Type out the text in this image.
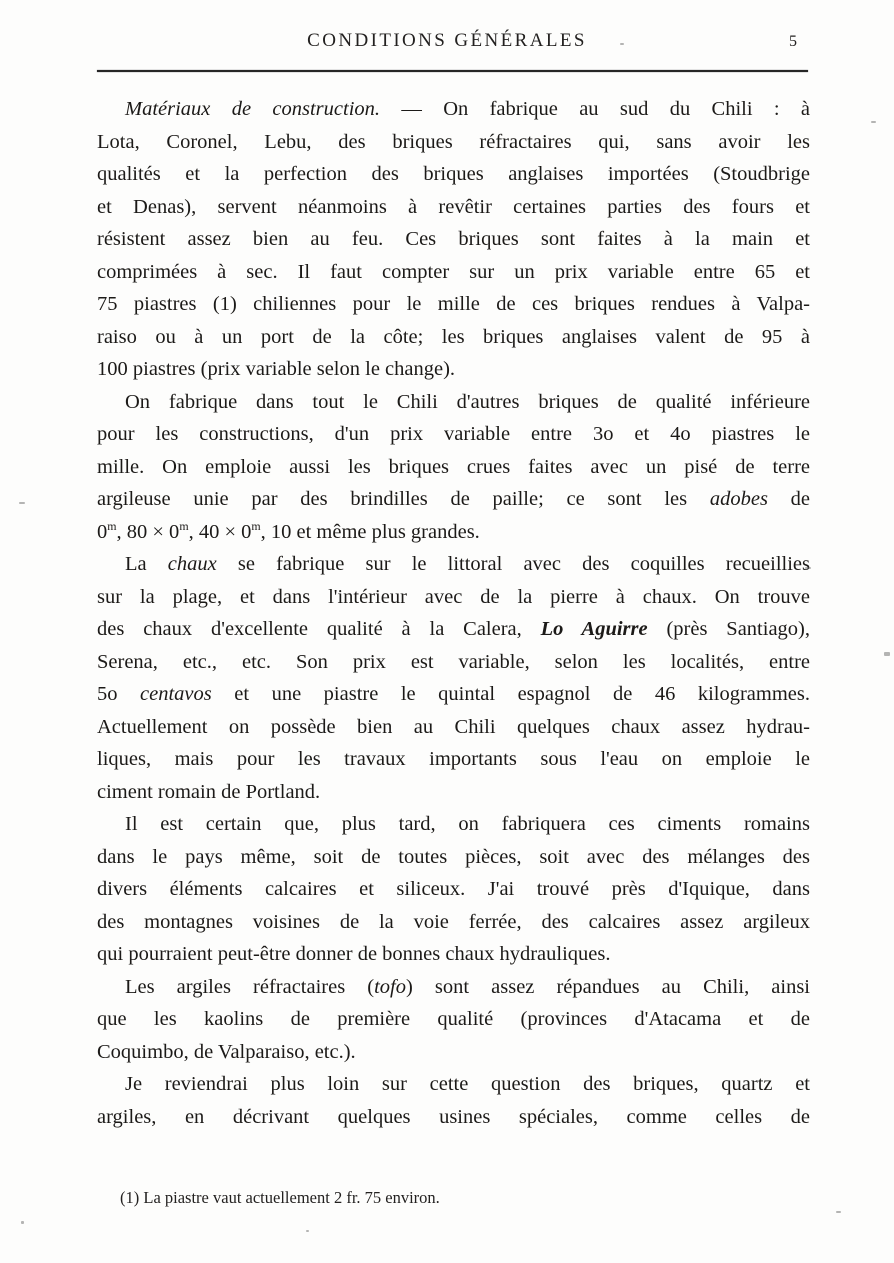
CONDITIONS GÉNÉRALES	5
Matériaux de construction. — On fabrique au sud du Chili : à
Lota, Coronel, Lebu, des briques réfractaires qui, sans avoir les
qualités et la perfection des briques anglaises importées (Stoudbrige
et Denas), servent néanmoins à revêtir certaines parties des fours et
résistent assez bien au feu. Ces briques sont faites à la main et
comprimées à sec. Il faut compter sur un prix variable entre 65 et
75 piastres (1) chiliennes pour le mille de ces briques rendues à Valpa-
raiso ou à un port de la côte; les briques anglaises valent de 95 à
100 piastres (prix variable selon le change).
On fabrique dans tout le Chili d'autres briques de qualité inférieure
pour les constructions, d'un prix variable entre 3o et 4o piastres le
mille. On emploie aussi les briques crues faites avec un pisé de terre
argileuse unie par des brindilles de paille; ce sont les adobes de
0$^m$, $80 \times 0^m$, $40 \times 0^m$, 10 et même plus grandes.
La chaux se fabrique sur le littoral avec des coquilles recueillies
sur la plage, et dans l'intérieur avec de la pierre à chaux. On trouve
des chaux d'excellente qualité à la Calera, Lo Aguirre (près Santiago),
Serena, etc., etc. Son prix est variable, selon les localités, entre
5o centavos et une piastre le quintal espagnol de 46 kilogrammes.
Actuellement on possède bien au Chili quelques chaux assez hydrau-
liques, mais pour les travaux importants sous l'eau on emploie le
ciment romain de Portland.
Il est certain que, plus tard, on fabriquera ces ciments romains
dans le pays même, soit de toutes pièces, soit avec des mélanges des
divers éléments calcaires et siliceux. J'ai trouvé près d'Iquique, dans
des montagnes voisines de la voie ferrée, des calcaires assez argileux
qui pourraient peut-être donner de bonnes chaux hydrauliques.
Les argiles réfractaires (tofo) sont assez répandues au Chili, ainsi
que les kaolins de première qualité (provinces d'Atacama et de
Coquimbo, de Valparaiso, etc.).
Je reviendrai plus loin sur cette question des briques, quartz et
argiles, en décrivant quelques usines spéciales, comme celles de
(1) La piastre vaut actuellement 2 fr. 75 environ.
